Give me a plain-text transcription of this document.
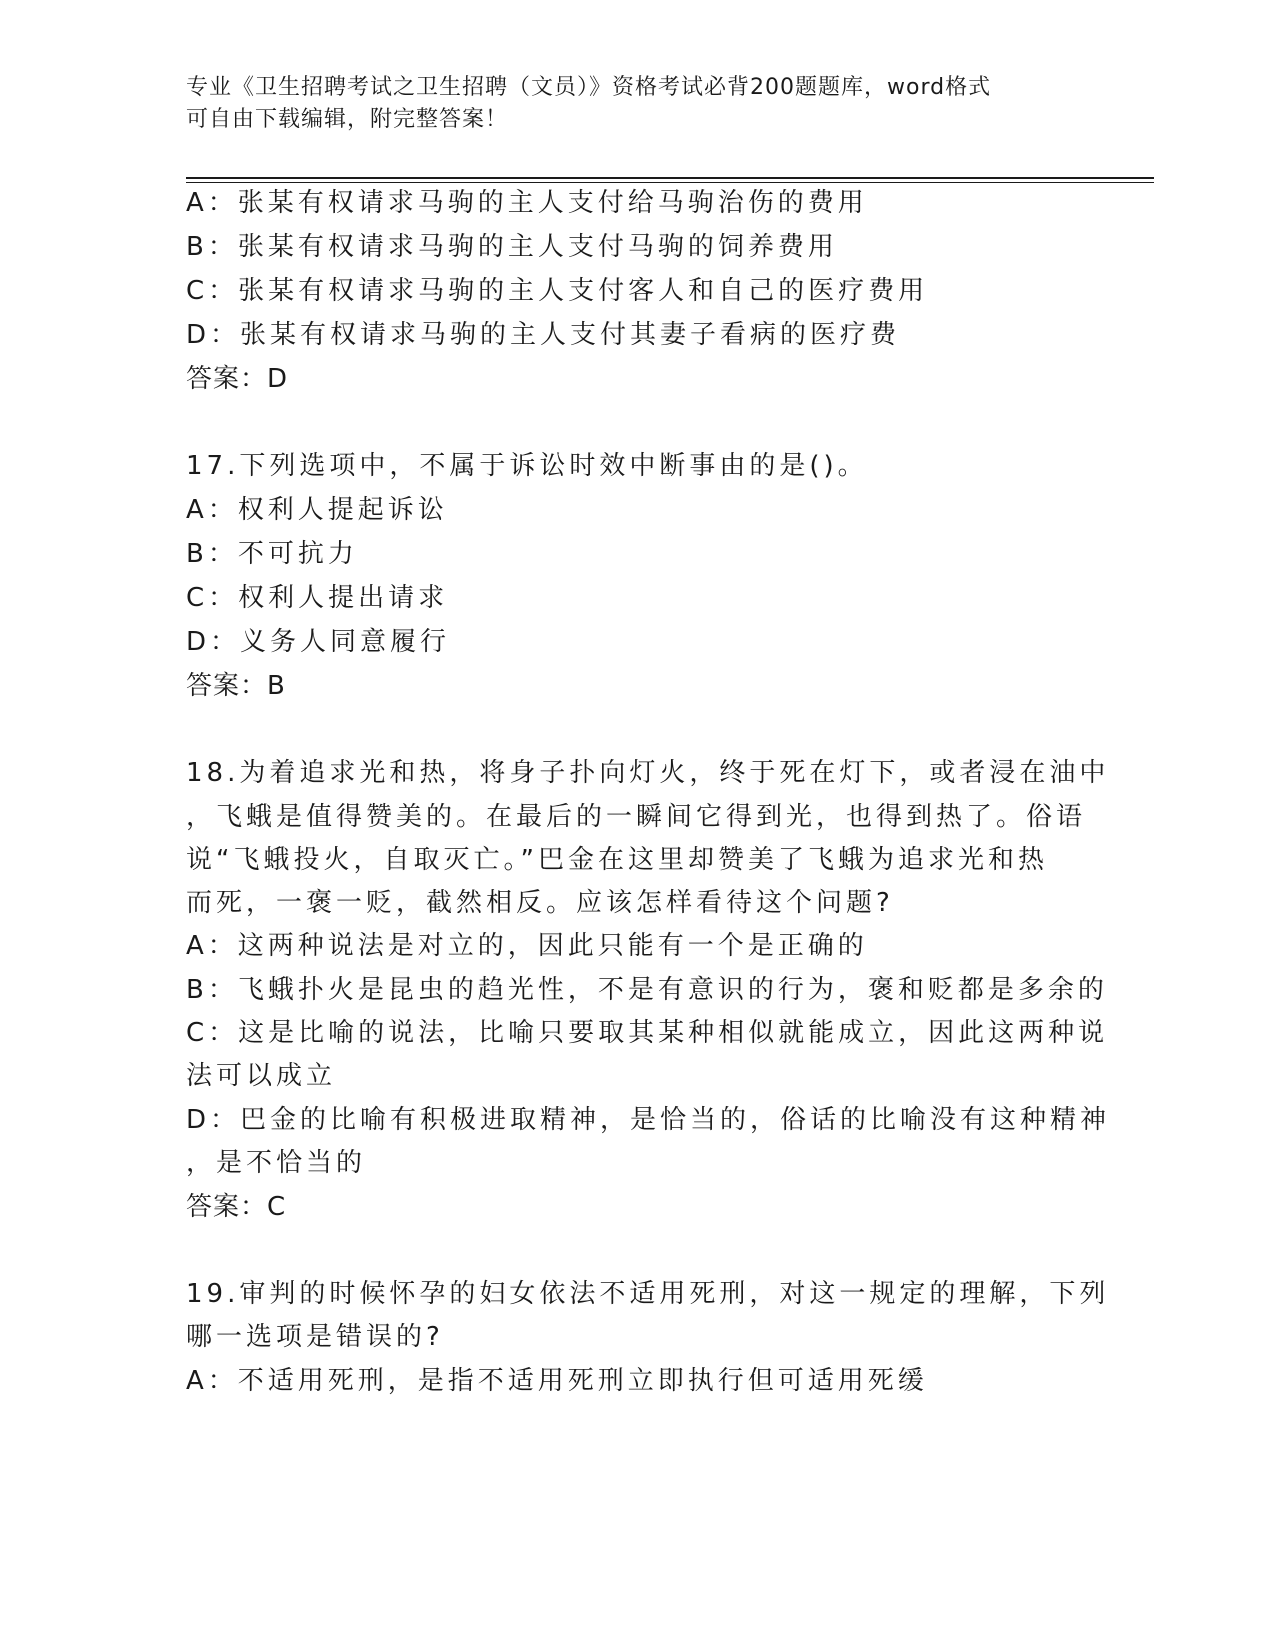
专业《卫生招聘考试之卫生招聘（文员）》资格考试必背200题题库，word格式
可自由下载编辑，附完整答案！
A：张某有权请求马驹的主人支付给马驹治伤的费用
B：张某有权请求马驹的主人支付马驹的饲养费用
C：张某有权请求马驹的主人支付客人和自己的医疗费用
D：张某有权请求马驹的主人支付其妻子看病的医疗费
答案：D
17.下列选项中，不属于诉讼时效中断事由的是()。
A：权利人提起诉讼
B：不可抗力
C：权利人提出请求
D：义务人同意履行
答案：B
18.为着追求光和热，将身子扑向灯火，终于死在灯下，或者浸在油中
，飞蛾是值得赞美的。在最后的一瞬间它得到光，也得到热了。俗语
说“飞蛾投火，自取灭亡。”巴金在这里却赞美了飞蛾为追求光和热
而死，一褒一贬，截然相反。应该怎样看待这个问题?
A：这两种说法是对立的，因此只能有一个是正确的
B：飞蛾扑火是昆虫的趋光性，不是有意识的行为，褒和贬都是多余的
C：这是比喻的说法，比喻只要取其某种相似就能成立，因此这两种说
法可以成立
D：巴金的比喻有积极进取精神，是恰当的，俗话的比喻没有这种精神
，是不恰当的
答案：C
19.审判的时候怀孕的妇女依法不适用死刑，对这一规定的理解，下列
哪一选项是错误的?
A：不适用死刑，是指不适用死刑立即执行但可适用死缓
